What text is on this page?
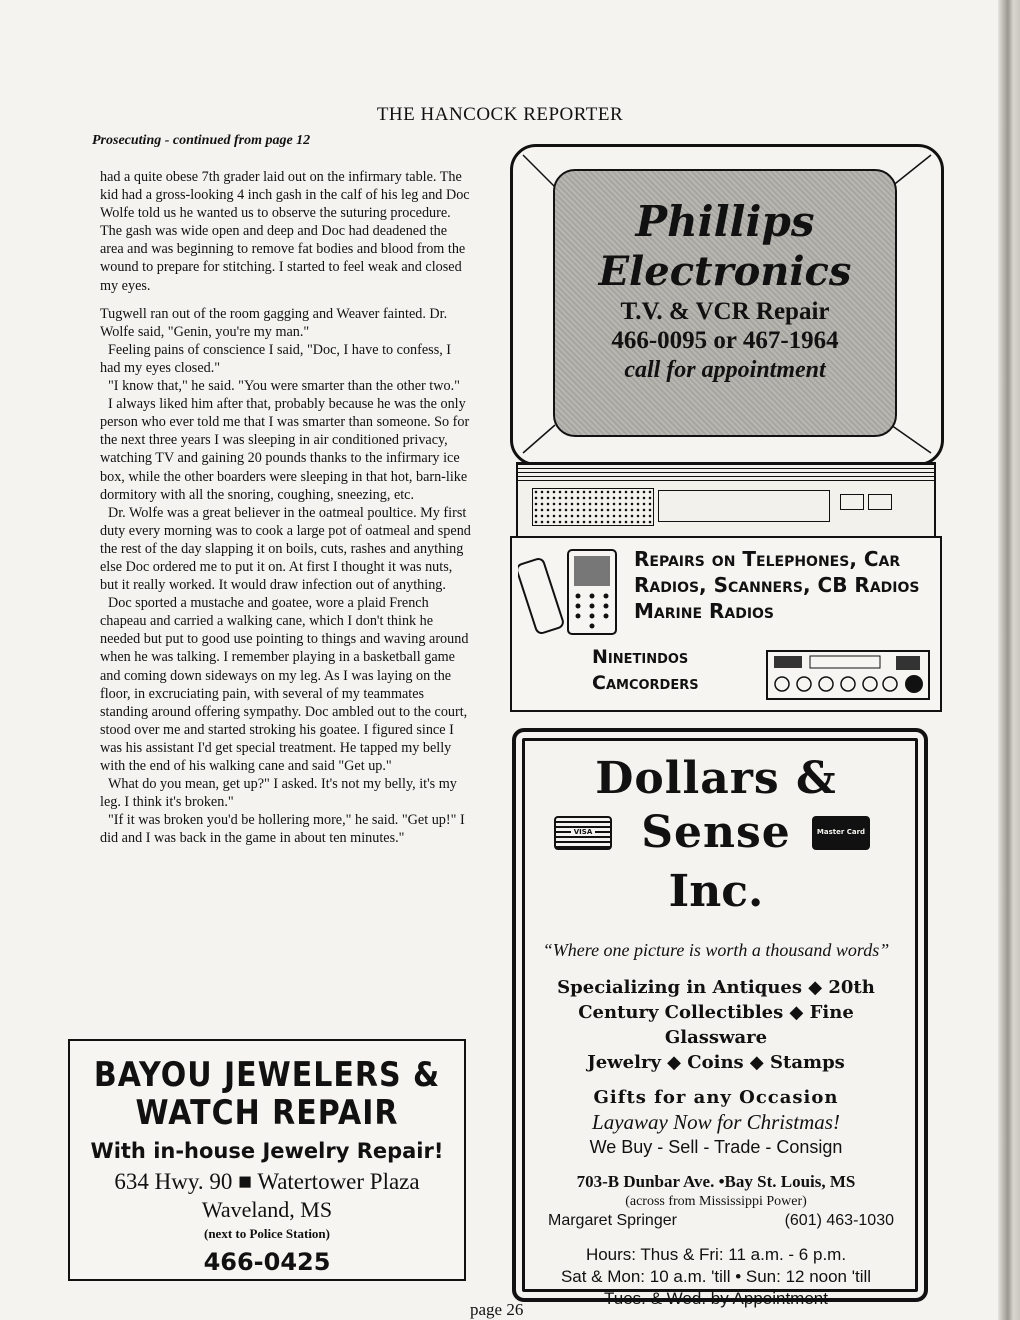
THE HANCOCK REPORTER
Prosecuting - continued from page 12

had a quite obese 7th grader laid out on the infirmary table. The kid had a gross-looking 4 inch gash in the calf of his leg and Doc Wolfe told us he wanted us to observe the suturing procedure. The gash was wide open and deep and Doc had deadened the area and was beginning to remove fat bodies and blood from the wound to prepare for stitching. I started to feel weak and closed my eyes.

Tugwell ran out of the room gagging and Weaver fainted. Dr. Wolfe said, "Genin, you're my man."

Feeling pains of conscience I said, "Doc, I have to confess, I had my eyes closed."

"I know that," he said. "You were smarter than the other two."

I always liked him after that, probably because he was the only person who ever told me that I was smarter than someone. So for the next three years I was sleeping in air conditioned privacy, watching TV and gaining 20 pounds thanks to the infirmary ice box, while the other boarders were sleeping in that hot, barn-like dormitory with all the snoring, coughing, sneezing, etc.

Dr. Wolfe was a great believer in the oatmeal poultice. My first duty every morning was to cook a large pot of oatmeal and spend the rest of the day slapping it on boils, cuts, rashes and anything else Doc ordered me to put it on. At first I thought it was nuts, but it really worked. It would draw infection out of anything.

Doc sported a mustache and goatee, wore a plaid French chapeau and carried a walking cane, which I don't think he needed but put to good use pointing to things and waving around when he was talking. I remember playing in a basketball game and coming down sideways on my leg. As I was laying on the floor, in excruciating pain, with several of my teammates standing around offering sympathy. Doc ambled out to the court, stood over me and started stroking his goatee. I figured since I was his assistant I'd get special treatment. He tapped my belly with the end of his walking cane and said "Get up."

What do you mean, get up?" I asked. It's not my belly, it's my leg. I think it's broken."

"If it was broken you'd be hollering more," he said. "Get up!" I did and I was back in the game in about ten minutes."

BAYOU JEWELERS &
WATCH REPAIR
With in-house Jewelry Repair!
634 Hwy. 90 ■ Watertower Plaza
Waveland, MS
(next to Police Station)
466-0425
Phillips
Electronics
T.V. & VCR Repair
466-0095 or 467-1964
call for appointment
Repairs on Telephones, Car
Radios, Scanners, CB Radios
Marine Radios
Ninetindos
Camcorders
VISA	Master Card
Dollars & Sense
Inc.
“Where one picture is worth a thousand words”
Specializing in Antiques ◆ 20th
Century Collectibles ◆ Fine Glassware
Jewelry ◆ Coins ◆ Stamps
Gifts for any Occasion
Layaway Now for Christmas!
We Buy - Sell - Trade - Consign
703-B Dunbar Ave. •Bay St. Louis, MS
(across from Mississippi Power)
Margaret Springer	(601) 463-1030
Hours: Thus & Fri: 11 a.m. - 6 p.m.
Sat & Mon: 10 a.m. 'till • Sun: 12 noon 'till
Tues. & Wed. by Appointment
page 26
